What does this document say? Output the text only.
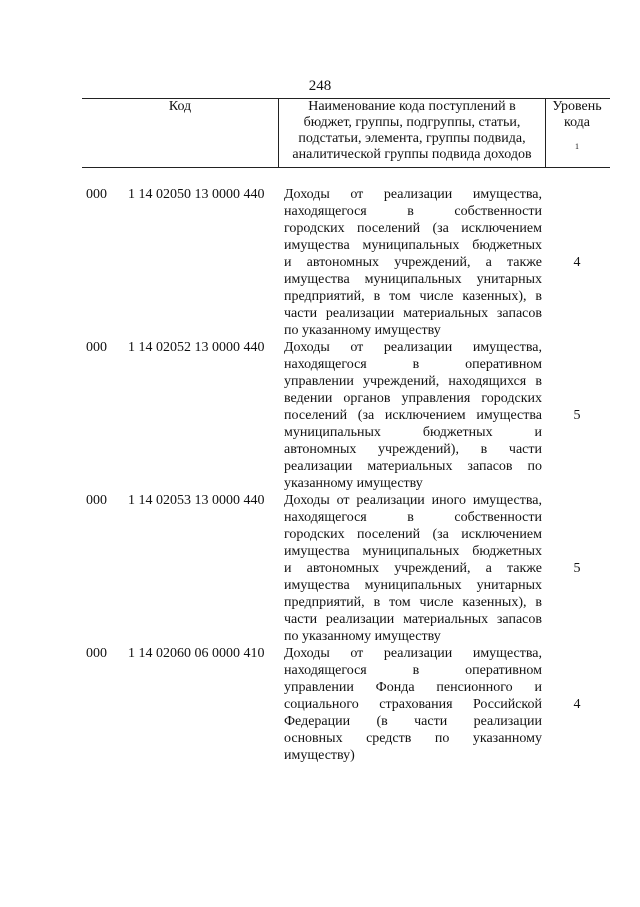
248
Код	Наименование кода поступлений в
бюджет, группы, подгруппы, статьи,
подстатьи, элемента, группы подвида,
аналитической группы подвида доходов
Уровень
кода

1
000 1 14 02050 13 0000 440 Доходы от реализации имущества,
находящегося в собственности
городских поселений (за исключением
имущества муниципальных бюджетных
и автономных учреждений, а также
имущества муниципальных унитарных
предприятий, в том числе казенных), в
части реализации материальных запасов
по указанному имуществу
4
000 1 14 02052 13 0000 440 Доходы от реализации имущества,
находящегося в оперативном
управлении учреждений, находящихся в
ведении органов управления городских
поселений (за исключением имущества
муниципальных бюджетных и
автономных учреждений), в части
реализации материальных запасов по
указанному имуществу
5
000 1 14 02053 13 0000 440 Доходы от реализации иного имущества,
находящегося в собственности
городских поселений (за исключением
имущества муниципальных бюджетных
и автономных учреждений, а также
имущества муниципальных унитарных
предприятий, в том числе казенных), в
части реализации материальных запасов
по указанному имуществу
5
000 1 14 02060 06 0000 410 Доходы от реализации имущества,
находящегося в оперативном
управлении Фонда пенсионного и
социального страхования Российской
Федерации (в части реализации
основных средств по указанному
имуществу)
4
